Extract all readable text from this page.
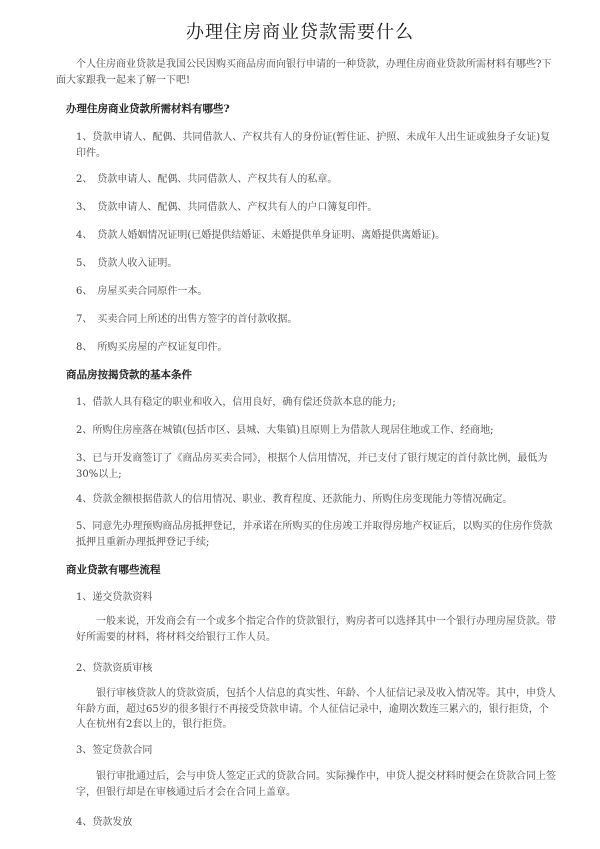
办理住房商业贷款需要什么

个人住房商业贷款是我国公民因购买商品房而向银行申请的一种贷款，办理住房商业贷款所需材料有哪些?下面大家跟我一起来了解一下吧!

办理住房商业贷款所需材料有哪些?

1、贷款申请人、配偶、共同借款人、产权共有人的身份证(暂住证、护照、未成年人出生证或独身子女证)复印件。

2、　贷款申请人、配偶、共同借款人、产权共有人的私章。

3、　贷款申请人、配偶、共同借款人、产权共有人的户口簿复印件。

4、　贷款人婚姻情况证明(已婚提供结婚证、未婚提供单身证明、离婚提供离婚证)。

5、　贷款人收入证明。

6、　房屋买卖合同原件一本。

7、　买卖合同上所述的出售方签字的首付款收据。

8、　所购买房屋的产权证复印件。

商品房按揭贷款的基本条件

1、借款人具有稳定的职业和收入，信用良好，确有偿还贷款本息的能力;

2、所购住房座落在城镇(包括市区、县城、大集镇)且原则上为借款人现居住地或工作、经商地;

3、已与开发商签订了《商品房买卖合同》，根据个人信用情况，并已支付了银行规定的首付款比例，最低为30%以上;

4、贷款金额根据借款人的信用情况、职业、教育程度、还款能力、所购住房变现能力等情况确定。

5、同意先办理预购商品房抵押登记，并承诺在所购买的住房竣工并取得房地产权证后，以购买的住房作贷款抵押且重新办理抵押登记手续;

商业贷款有哪些流程

1、递交贷款资料

一般来说，开发商会有一个或多个指定合作的贷款银行，购房者可以选择其中一个银行办理房屋贷款。带好所需要的材料，将材料交给银行工作人员。

2、贷款资质审核

银行审核贷款人的贷款资质，包括个人信息的真实性、年龄、个人征信记录及收入情况等。其中，申贷人年龄方面，超过65岁的很多银行不再接受贷款申请。个人征信记录中，逾期次数连三累六的，银行拒贷，个人在杭州有2套以上的，银行拒贷。

3、签定贷款合同

银行审批通过后，会与申贷人签定正式的贷款合同。实际操作中，申贷人提交材料时便会在贷款合同上签字，但银行却是在审核通过后才会在合同上盖章。

4、贷款发放
